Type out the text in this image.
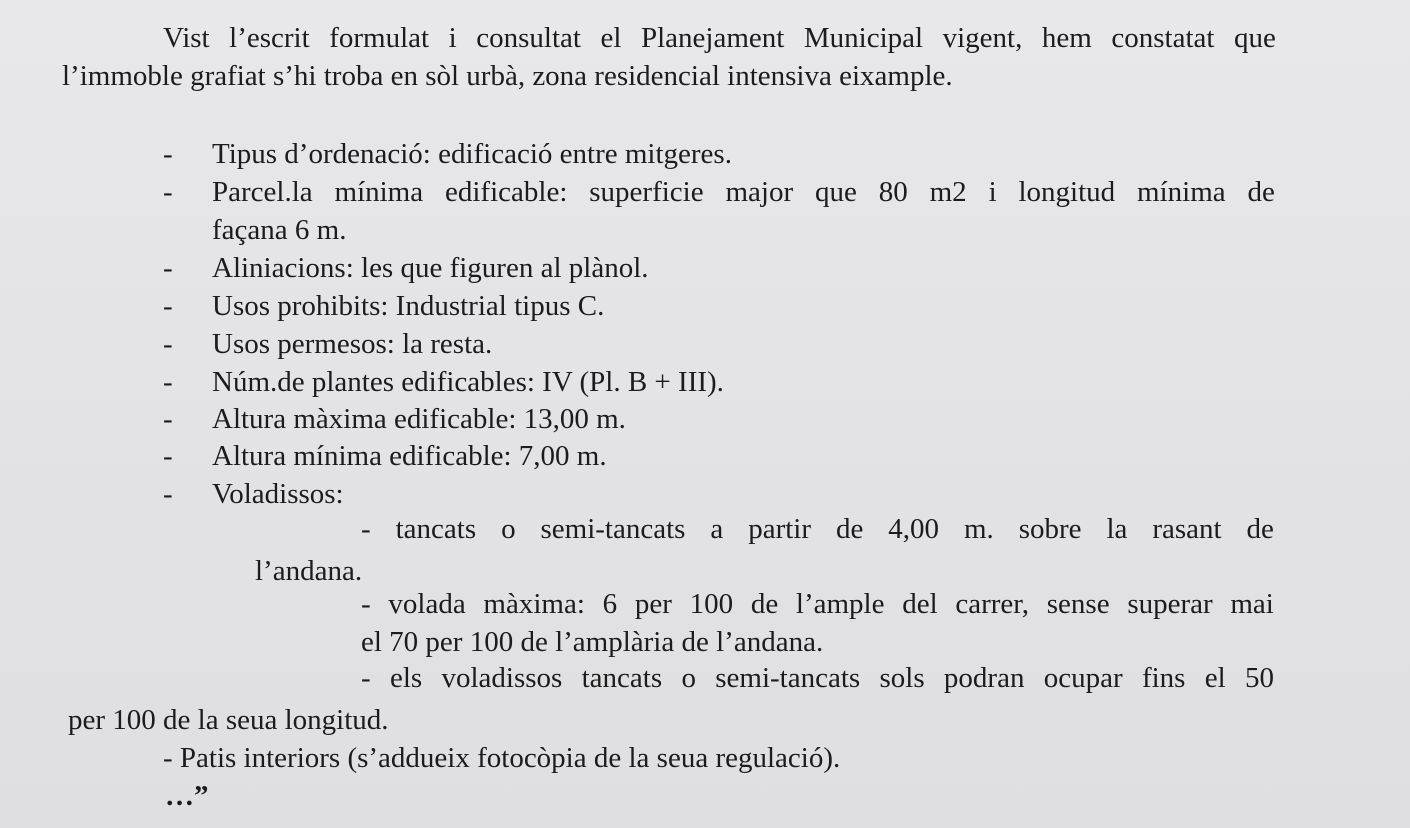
Vist l’escrit formulat i consultat el Planejament Municipal vigent, hem constatat que
l’immoble grafiat s’hi troba en sòl urbà, zona residencial intensiva eixample.
-
-
-
-
-
-
-
-
-
Tipus d’ordenació: edificació entre mitgeres.
Parcel.la mínima edificable: superficie major que 80 m2 i longitud mínima de
façana 6 m.
Aliniacions: les que figuren al plànol.
Usos prohibits: Industrial tipus C.
Usos permesos: la resta.
Núm.de plantes edificables: IV (Pl. B + III).
Altura màxima edificable: 13,00 m.
Altura mínima edificable: 7,00 m.
Voladissos:
- tancats o semi-tancats a partir de 4,00 m. sobre la rasant de
l’andana.
- volada màxima: 6 per 100 de l’ample del carrer, sense superar mai
el 70 per 100 de l’amplària de l’andana.
- els voladissos tancats o semi-tancats sols podran ocupar fins el 50
per 100 de la seua longitud.
- Patis interiors (s’addueix fotocòpia de la seua regulació).
…”
